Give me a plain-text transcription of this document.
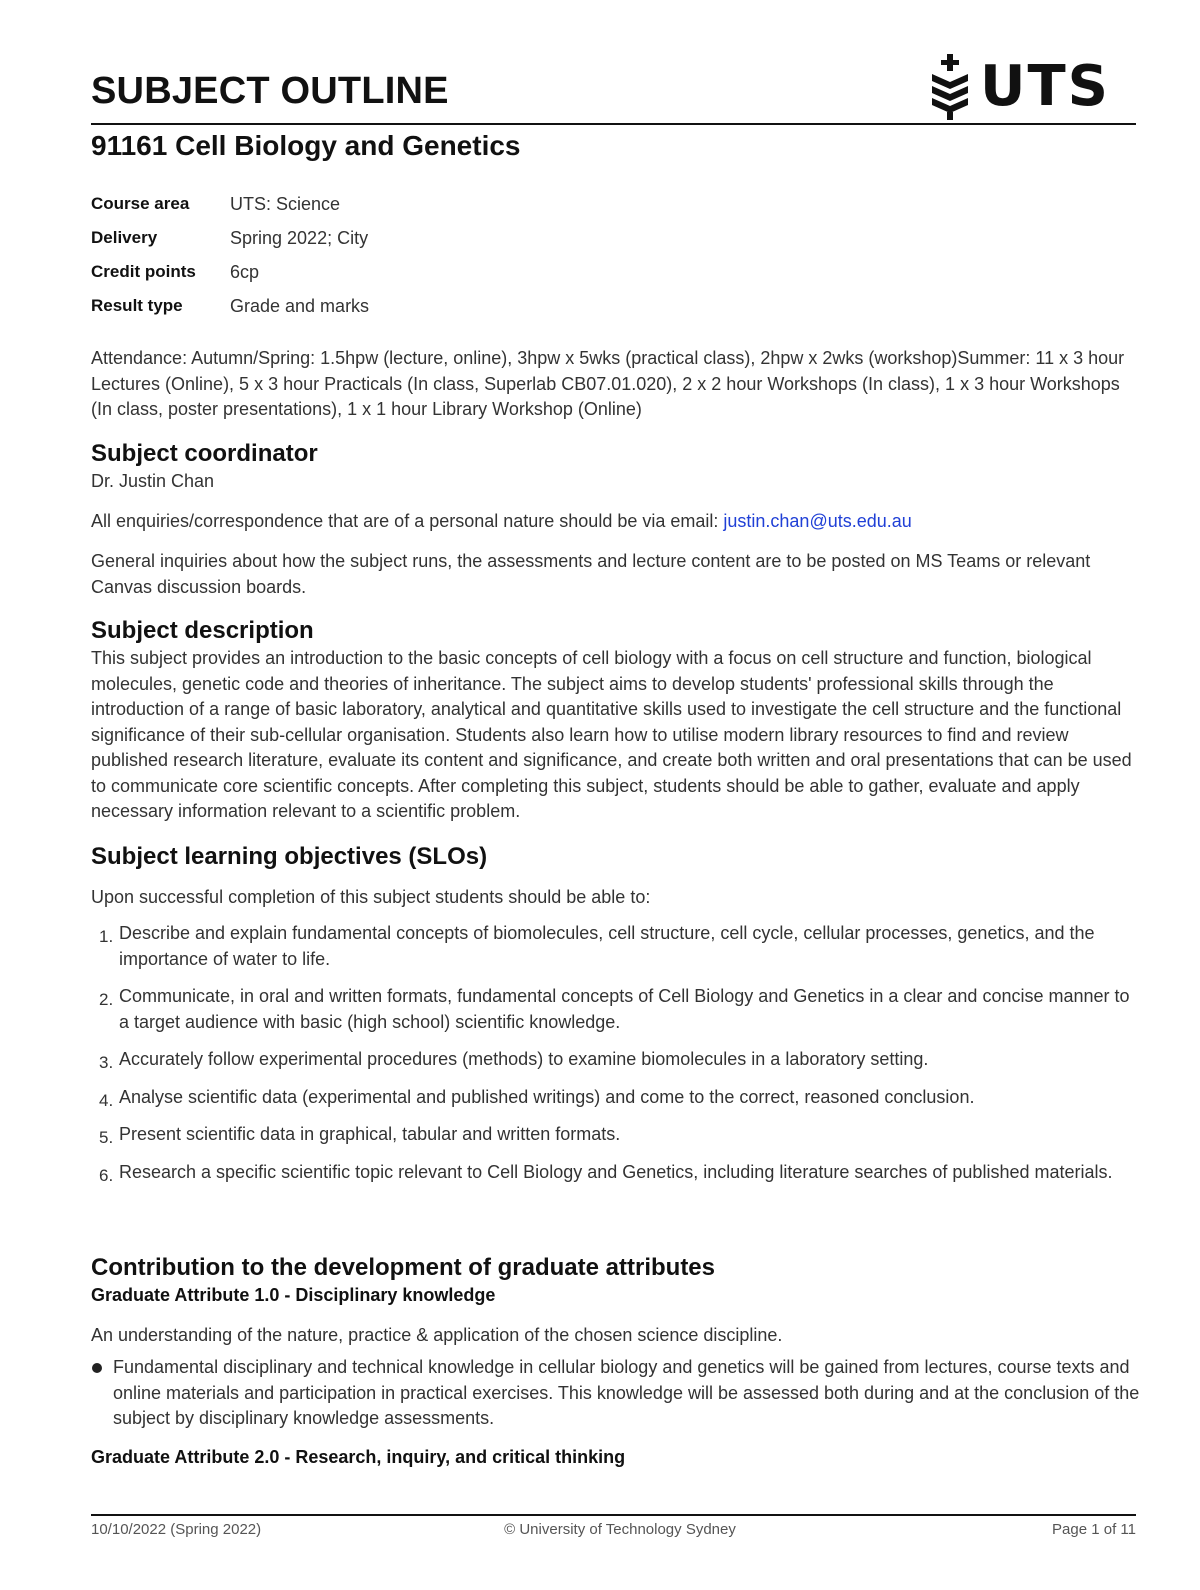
SUBJECT OUTLINE	UTS
91161 Cell Biology and Genetics
Course area	UTS: Science
Delivery	Spring 2022; City
Credit points	6cp
Result type	Grade and marks
Attendance: Autumn/Spring: 1.5hpw (lecture, online), 3hpw x 5wks (practical class), 2hpw x 2wks (workshop)Summer: 11 x 3 hour Lectures (Online), 5 x 3 hour Practicals (In class, Superlab CB07.01.020), 2 x 2 hour Workshops (In class), 1 x 3 hour Workshops (In class, poster presentations), 1 x 1 hour Library Workshop (Online)
Subject coordinator
Dr. Justin Chan
All enquiries/correspondence that are of a personal nature should be via email: justin.chan@uts.edu.au
General inquiries about how the subject runs, the assessments and lecture content are to be posted on MS Teams or relevant Canvas discussion boards.
Subject description
This subject provides an introduction to the basic concepts of cell biology with a focus on cell structure and function, biological molecules, genetic code and theories of inheritance. The subject aims to develop students' professional skills through the introduction of a range of basic laboratory, analytical and quantitative skills used to investigate the cell structure and the functional significance of their sub-cellular organisation. Students also learn how to utilise modern library resources to find and review published research literature, evaluate its content and significance, and create both written and oral presentations that can be used to communicate core scientific concepts. After completing this subject, students should be able to gather, evaluate and apply necessary information relevant to a scientific problem.
Subject learning objectives (SLOs)
Upon successful completion of this subject students should be able to:
1. Describe and explain fundamental concepts of biomolecules, cell structure, cell cycle, cellular processes, genetics, and the importance of water to life.
2. Communicate, in oral and written formats, fundamental concepts of Cell Biology and Genetics in a clear and concise manner to a target audience with basic (high school) scientific knowledge.
3. Accurately follow experimental procedures (methods) to examine biomolecules in a laboratory setting.
4. Analyse scientific data (experimental and published writings) and come to the correct, reasoned conclusion.
5. Present scientific data in graphical, tabular and written formats.
6. Research a specific scientific topic relevant to Cell Biology and Genetics, including literature searches of published materials.
Contribution to the development of graduate attributes
Graduate Attribute 1.0 - Disciplinary knowledge
An understanding of the nature, practice & application of the chosen science discipline.
Fundamental disciplinary and technical knowledge in cellular biology and genetics will be gained from lectures, course texts and online materials and participation in practical exercises. This knowledge will be assessed both during and at the conclusion of the subject by disciplinary knowledge assessments.
Graduate Attribute 2.0 - Research, inquiry, and critical thinking
10/10/2022 (Spring 2022)	© University of Technology Sydney	Page 1 of 11
